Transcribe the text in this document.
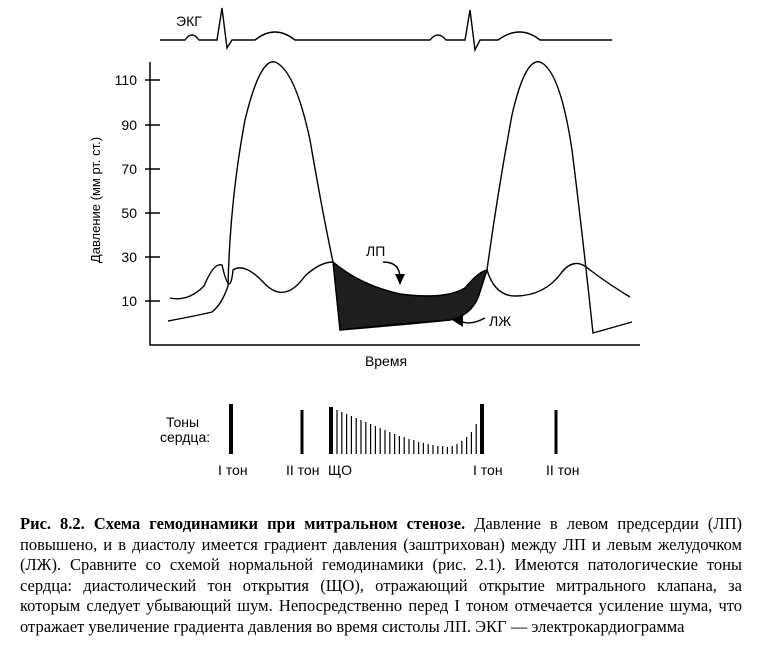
ЭКГ
110
90
70
50
30
10
Давление (мм рт. ст.)
Время
ЛП
ЛЖ
Тоны
сердца:
I тон	II тон ЩО	I тон	II тон
Рис. 8.2. Схема гемодинамики при митральном стенозе. Давление в левом предсердии (ЛП) повышено, и в диастолу имеется градиент давления (заштрихован) между ЛП и левым желудочком (ЛЖ). Сравните со схемой нормальной гемодинамики (рис. 2.1). Имеются патологические тоны сердца: диастолический тон открытия (ЩО), отражающий открытие митрального клапана, за которым следует убывающий шум. Непосредственно перед I тоном отмечается усиление шума, что отражает увеличение градиента давления во время систолы ЛП. ЭКГ — электрокардиограмма
